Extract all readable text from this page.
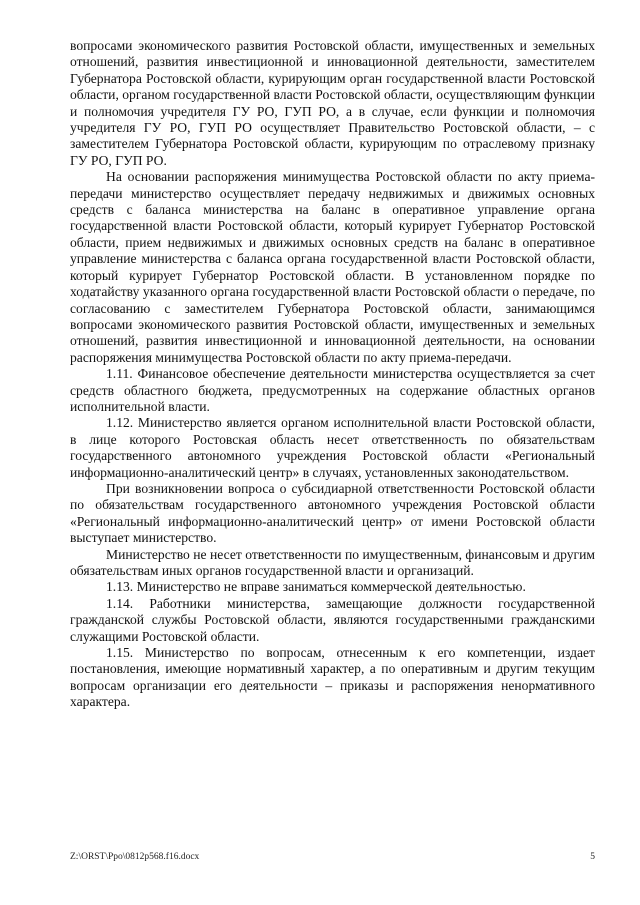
вопросами экономического развития Ростовской области, имущественных и земельных отношений, развития инвестиционной и инновационной деятельности, заместителем Губернатора Ростовской области, курирующим орган государственной власти Ростовской области, органом государственной власти Ростовской области, осуществляющим функции и полномочия учредителя ГУ РО, ГУП РО, а в случае, если функции и полномочия учредителя ГУ РО, ГУП РО осуществляет Правительство Ростовской области, – с заместителем Губернатора Ростовской области, курирующим по отраслевому признаку ГУ РО, ГУП РО.

На основании распоряжения минимущества Ростовской области по акту приема-передачи министерство осуществляет передачу недвижимых и движимых основных средств с баланса министерства на баланс в оперативное управление органа государственной власти Ростовской области, который курирует Губернатор Ростовской области, прием недвижимых и движимых основных средств на баланс в оперативное управление министерства с баланса органа государственной власти Ростовской области, который курирует Губернатор Ростовской области. В установленном порядке по ходатайству указанного органа государственной власти Ростовской области о передаче, по согласованию с заместителем Губернатора Ростовской области, занимающимся вопросами экономического развития Ростовской области, имущественных и земельных отношений, развития инвестиционной и инновационной деятельности, на основании распоряжения минимущества Ростовской области по акту приема-передачи.

1.11. Финансовое обеспечение деятельности министерства осуществляется за счет средств областного бюджета, предусмотренных на содержание областных органов исполнительной власти.

1.12. Министерство является органом исполнительной власти Ростовской области, в лице которого Ростовская область несет ответственность по обязательствам государственного автономного учреждения Ростовской области «Региональный информационно-аналитический центр» в случаях, установленных законодательством.

При возникновении вопроса о субсидиарной ответственности Ростовской области по обязательствам государственного автономного учреждения Ростовской области «Региональный информационно-аналитический центр» от имени Ростовской области выступает министерство.

Министерство не несет ответственности по имущественным, финансовым и другим обязательствам иных органов государственной власти и организаций.

1.13. Министерство не вправе заниматься коммерческой деятельностью.

1.14. Работники министерства, замещающие должности государственной гражданской службы Ростовской области, являются государственными гражданскими служащими Ростовской области.

1.15. Министерство по вопросам, отнесенным к его компетенции, издает постановления, имеющие нормативный характер, а по оперативным и другим текущим вопросам организации его деятельности – приказы и распоряжения ненормативного характера.

Z:\ORST\Ppo\0812p568.f16.docx	5
